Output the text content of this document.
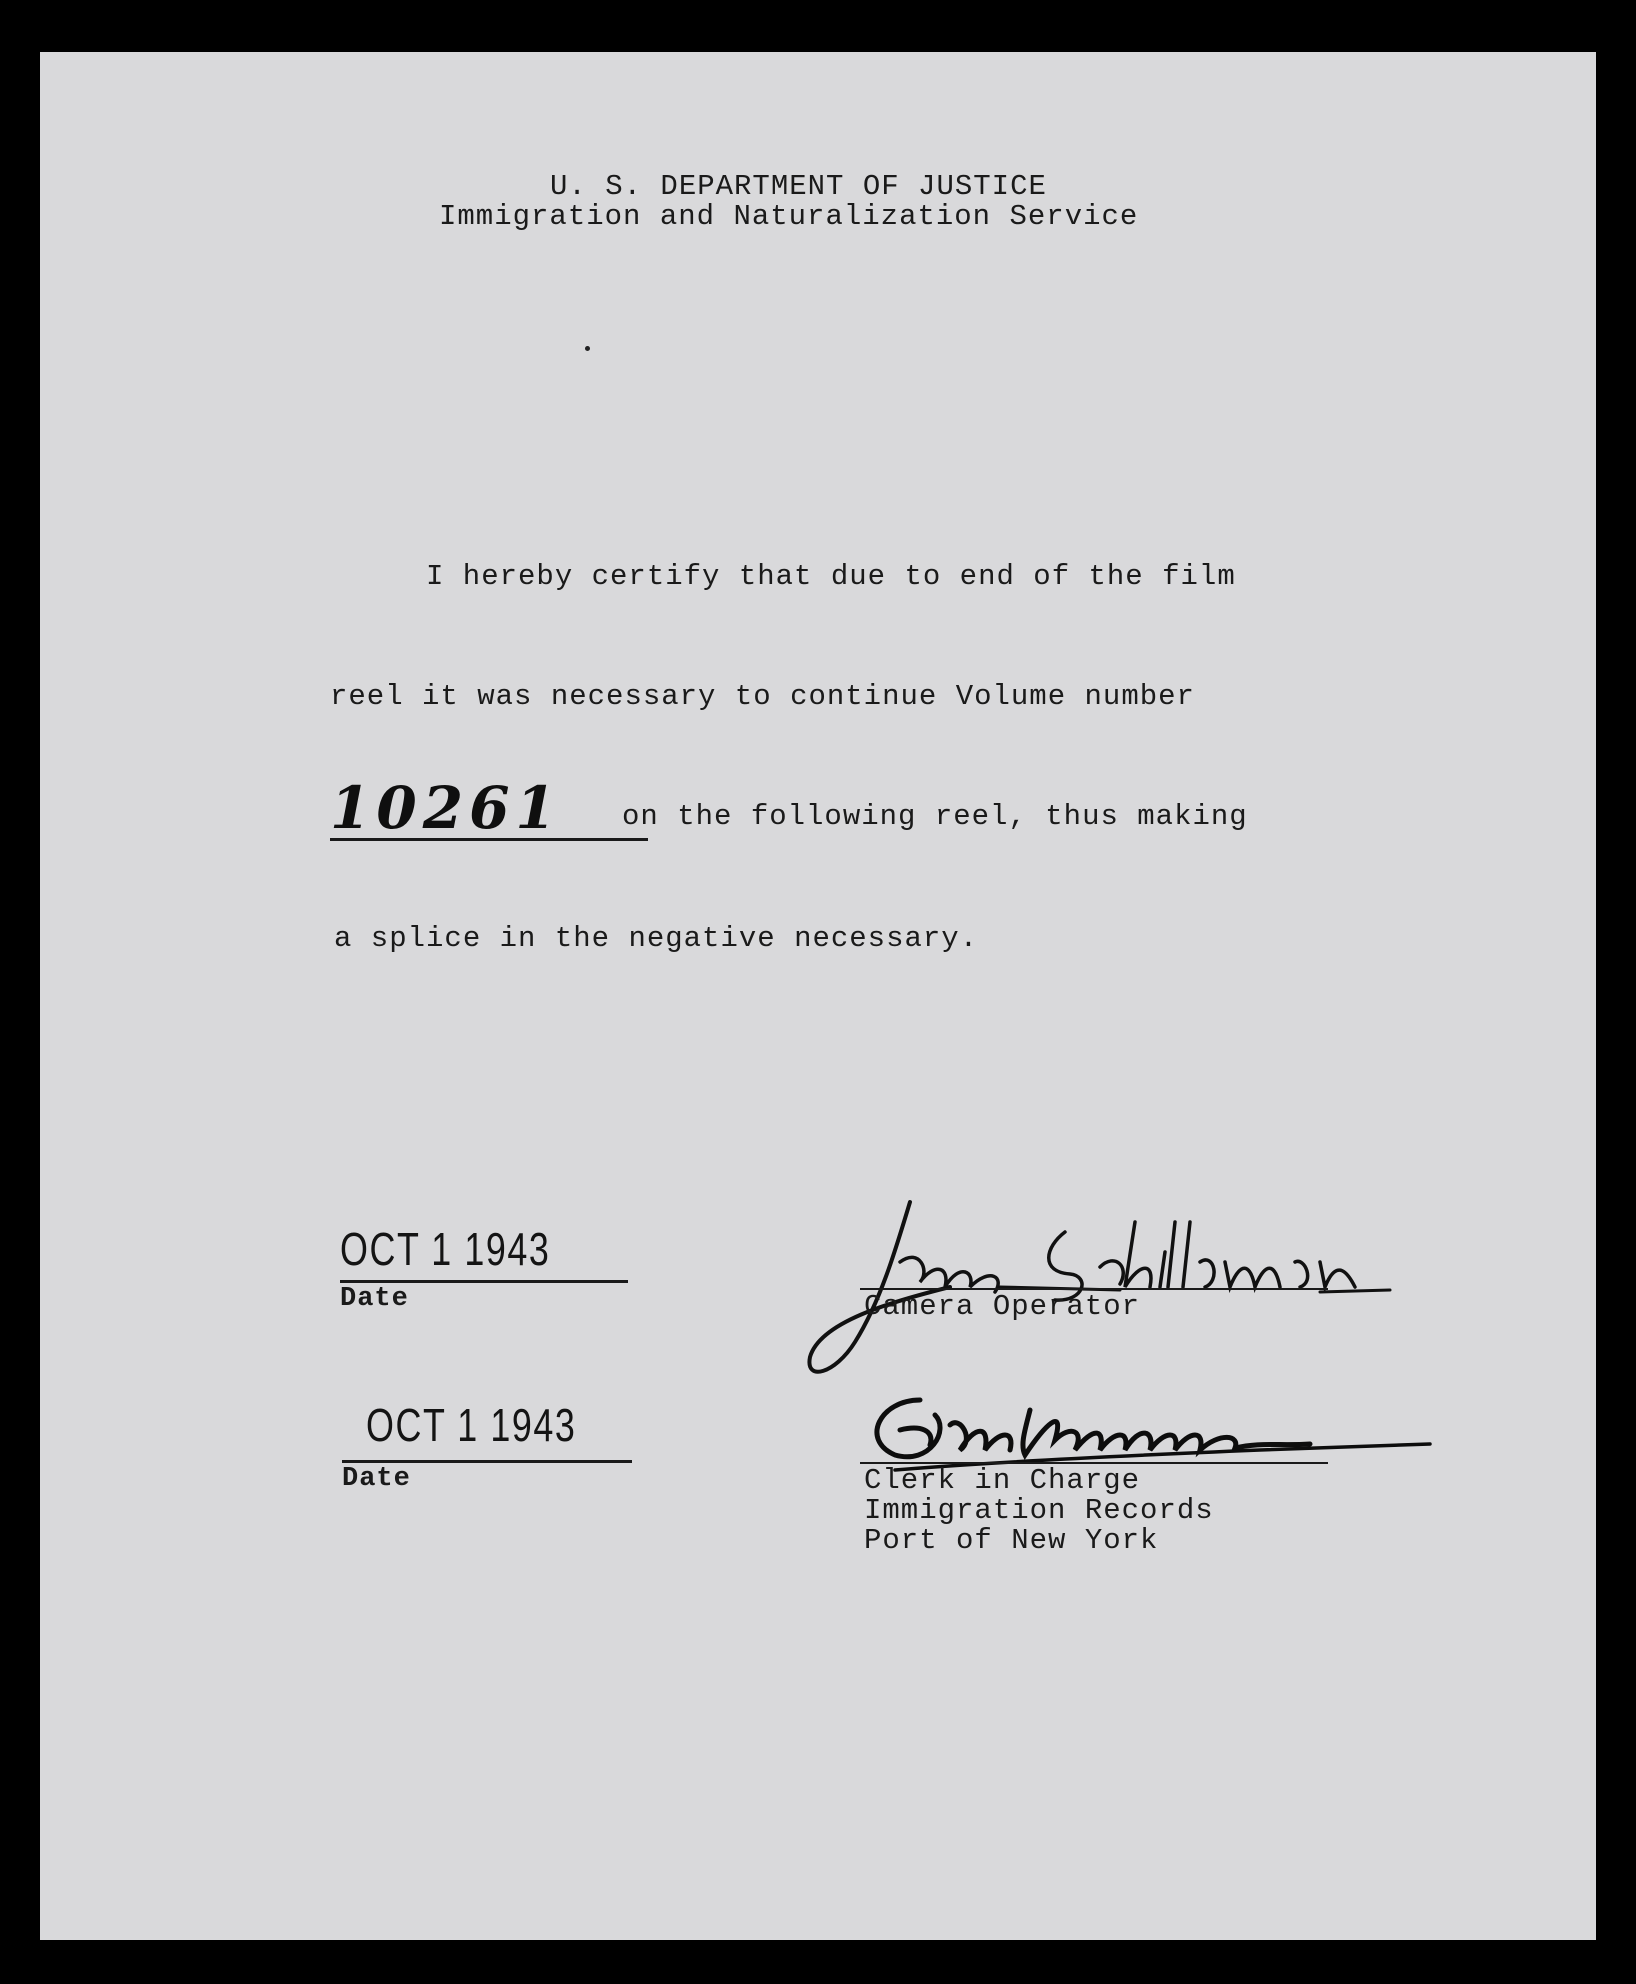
U. S. DEPARTMENT OF JUSTICE
Immigration and Naturalization Service
I hereby certify that due to end of the film
reel it was necessary to continue Volume number
10261 on the following reel, thus making
a splice in the negative necessary.
OCT 1 1943
Date
OCT 1 1943
Date
Camera Operator
Clerk in Charge
Immigration Records
Port of New York
